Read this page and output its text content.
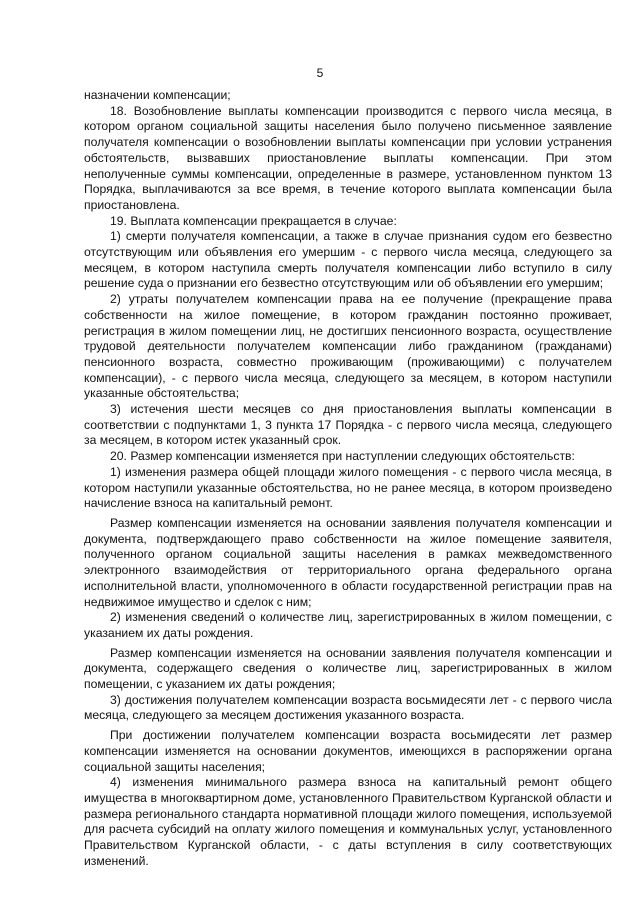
5

назначении компенсации;

18. Возобновление выплаты компенсации производится с первого числа месяца, в котором органом социальной защиты населения было получено письменное заявление получателя компенсации о возобновлении выплаты компенсации при условии устранения обстоятельств, вызвавших приостановление выплаты компенсации. При этом неполученные суммы компенсации, определенные в размере, установленном пунктом 13 Порядка, выплачиваются за все время, в течение которого выплата компенсации была приостановлена.

19. Выплата компенсации прекращается в случае:

1) смерти получателя компенсации, а также в случае признания судом его безвестно отсутствующим или объявления его умершим - с первого числа месяца, следующего за месяцем, в котором наступила смерть получателя компенсации либо вступило в силу решение суда о признании его безвестно отсутствующим или об объявлении его умершим;

2) утраты получателем компенсации права на ее получение (прекращение права собственности на жилое помещение, в котором гражданин постоянно проживает, регистрация в жилом помещении лиц, не достигших пенсионного возраста, осуществление трудовой деятельности получателем компенсации либо гражданином (гражданами) пенсионного возраста, совместно проживающим (проживающими) с получателем компенсации), - с первого числа месяца, следующего за месяцем, в котором наступили указанные обстоятельства;

3) истечения шести месяцев со дня приостановления выплаты компенсации в соответствии с подпунктами 1, 3 пункта 17 Порядка - с первого числа месяца, следующего за месяцем, в котором истек указанный срок.

20. Размер компенсации изменяется при наступлении следующих обстоятельств:

1) изменения размера общей площади жилого помещения - с первого числа месяца, в котором наступили указанные обстоятельства, но не ранее месяца, в котором произведено начисление взноса на капитальный ремонт.

Размер компенсации изменяется на основании заявления получателя компенсации и документа, подтверждающего право собственности на жилое помещение заявителя, полученного органом социальной защиты населения в рамках межведомственного электронного взаимодействия от территориального органа федерального органа исполнительной власти, уполномоченного в области государственной регистрации прав на недвижимое имущество и сделок с ним;

2) изменения сведений о количестве лиц, зарегистрированных в жилом помещении, с указанием их даты рождения.

Размер компенсации изменяется на основании заявления получателя компенсации и документа, содержащего сведения о количестве лиц, зарегистрированных в жилом помещении, с указанием их даты рождения;

3) достижения получателем компенсации возраста восьмидесяти лет - с первого числа месяца, следующего за месяцем достижения указанного возраста.

При достижении получателем компенсации возраста восьмидесяти лет размер компенсации изменяется на основании документов, имеющихся в распоряжении органа социальной защиты населения;

4) изменения минимального размера взноса на капитальный ремонт общего имущества в многоквартирном доме, установленного Правительством Курганской области и размера регионального стандарта нормативной площади жилого помещения, используемой для расчета субсидий на оплату жилого помещения и коммунальных услуг, установленного Правительством Курганской области, - с даты вступления в силу соответствующих изменений.
